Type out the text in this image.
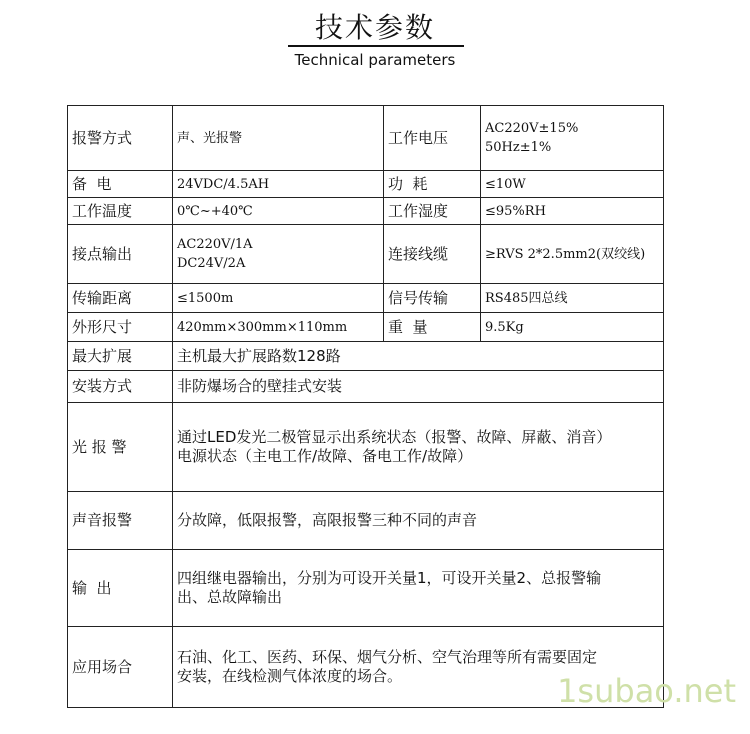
技术参数
Technical parameters
报警方式	声、光报警	工作电压	AC220V±15%
50Hz±1%

备  电	24VDC/4.5AH	功  耗	≤10W
工作温度	0℃~+40℃	工作湿度	≤95%RH
接点输出	AC220V/1A
DC24V/2A	连接线缆	≥RVS 2*2.5mm2(双绞线)
传输距离	≤1500m	信号传输	RS485四总线
外形尺寸	420mm×300mm×110mm	重  量	9.5Kg
最大扩展	主机最大扩展路数128路		
安装方式	非防爆场合的壁挂式安装		
光 报 警	通过LED发光二极管显示出系统状态（报警、故障、屏蔽、消音）
电源状态（主电工作/故障、备电工作/故障）		

声音报警	分故障，低限报警，高限报警三种不同的声音		
输  出	四组继电器输出，分别为可设开关量1，可设开关量2、总报警输
出、总故障输出		

应用场合	石油、化工、医药、环保、烟气分析、空气治理等所有需要固定
安装，在线检测气体浓度的场合。			1subao.net
